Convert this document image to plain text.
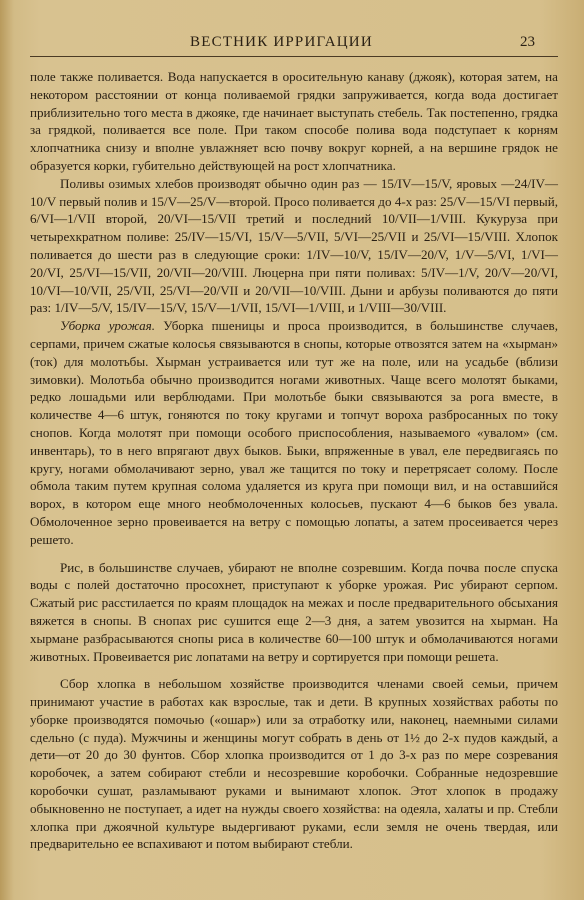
ВЕСТНИК ИРРИГАЦИИ	23

поле также поливается. Вода напускается в оросительную канаву (джояк), которая затем, на некотором расстоянии от конца поливаемой грядки запруживается, когда вода достигает приблизительно того места в джояке, где начинает выступать стебель. Так постепенно, грядка за грядкой, поливается все поле. При таком способе полива вода подступает к корням хлопчатника снизу и вполне увлажняет всю почву вокруг корней, а на вершине грядок не образуется корки, губительно действующей на рост хлопчатника.

Поливы озимых хлебов производят обычно один раз — 15/IV—15/V, яровых —24/IV—10/V первый полив и 15/V—25/V—второй. Просо поливается до 4-х раз: 25/V—15/VI первый, 6/VI—1/VII второй, 20/VI—15/VII третий и последний 10/VII—1/VIII. Кукуруза при четырехкратном поливе: 25/IV—15/VI, 15/V—5/VII, 5/VI—25/VII и 25/VI—15/VIII. Хлопок поливается до шести раз в следующие сроки: 1/IV—10/V, 15/IV—20/V, 1/V—5/VI, 1/VI—20/VI, 25/VI—15/VII, 20/VII—20/VIII. Люцерна при пяти поливах: 5/IV—1/V, 20/V—20/VI, 10/VI—10/VII, 25/VII, 25/VI—20/VII и 20/VII—10/VIII. Дыни и арбузы поливаются до пяти раз: 1/IV—5/V, 15/IV—15/V, 15/V—1/VII, 15/VI—1/VIII, и 1/VIII—30/VIII.

Уборка урожая. Уборка пшеницы и проса производится, в большинстве случаев, серпами, причем сжатые колосья связываются в снопы, которые отвозятся затем на «хырман» (ток) для молотьбы. Хырман устраивается или тут же на поле, или на усадьбе (вблизи зимовки). Молотьба обычно производится ногами животных. Чаще всего молотят быками, редко лошадьми или верблюдами. При молотьбе быки связываются за рога вместе, в количестве 4—6 штук, гоняются по току кругами и топчут вороха разбросанных по току снопов. Когда молотят при помощи особого приспособления, называемого «увалом» (см. инвентарь), то в него впрягают двух быков. Быки, впряженные в увал, еле передвигаясь по кругу, ногами обмолачивают зерно, увал же тащится по току и перетрясает солому. После обмола таким путем крупная солома удаляется из круга при помощи вил, и на оставшийся ворох, в котором еще много необмолоченных колосьев, пускают 4—6 быков без увала. Обмолоченное зерно провеивается на ветру с помощью лопаты, а затем просеивается через решето.

Рис, в большинстве случаев, убирают не вполне созревшим. Когда почва после спуска воды с полей достаточно просохнет, приступают к уборке урожая. Рис убирают серпом. Сжатый рис расстилается по краям площадок на межах и после предварительного обсыхания вяжется в снопы. В снопах рис сушится еще 2—3 дня, а затем увозится на хырман. На хырмане разбрасываются снопы риса в количестве 60—100 штук и обмолачиваются ногами животных. Провеивается рис лопатами на ветру и сортируется при помощи решета.

Сбор хлопка в небольшом хозяйстве производится членами своей семьи, причем принимают участие в работах как взрослые, так и дети. В крупных хозяйствах работы по уборке производятся помочью («ошар») или за отработку или, наконец, наемными силами сдельно (с пуда). Мужчины и женщины могут собрать в день от 1½ до 2-х пудов каждый, а дети—от 20 до 30 фунтов. Сбор хлопка производится от 1 до 3-х раз по мере созревания коробочек, а затем собирают стебли и несозревшие коробочки. Собранные недозревшие коробочки сушат, разламывают руками и вынимают хлопок. Этот хлопок в продажу обыкновенно не поступает, а идет на нужды своего хозяйства: на одеяла, халаты и пр. Стебли хлопка при джоячной культуре выдергивают руками, если земля не очень твердая, или предварительно ее вспахивают и потом выбирают стебли.
